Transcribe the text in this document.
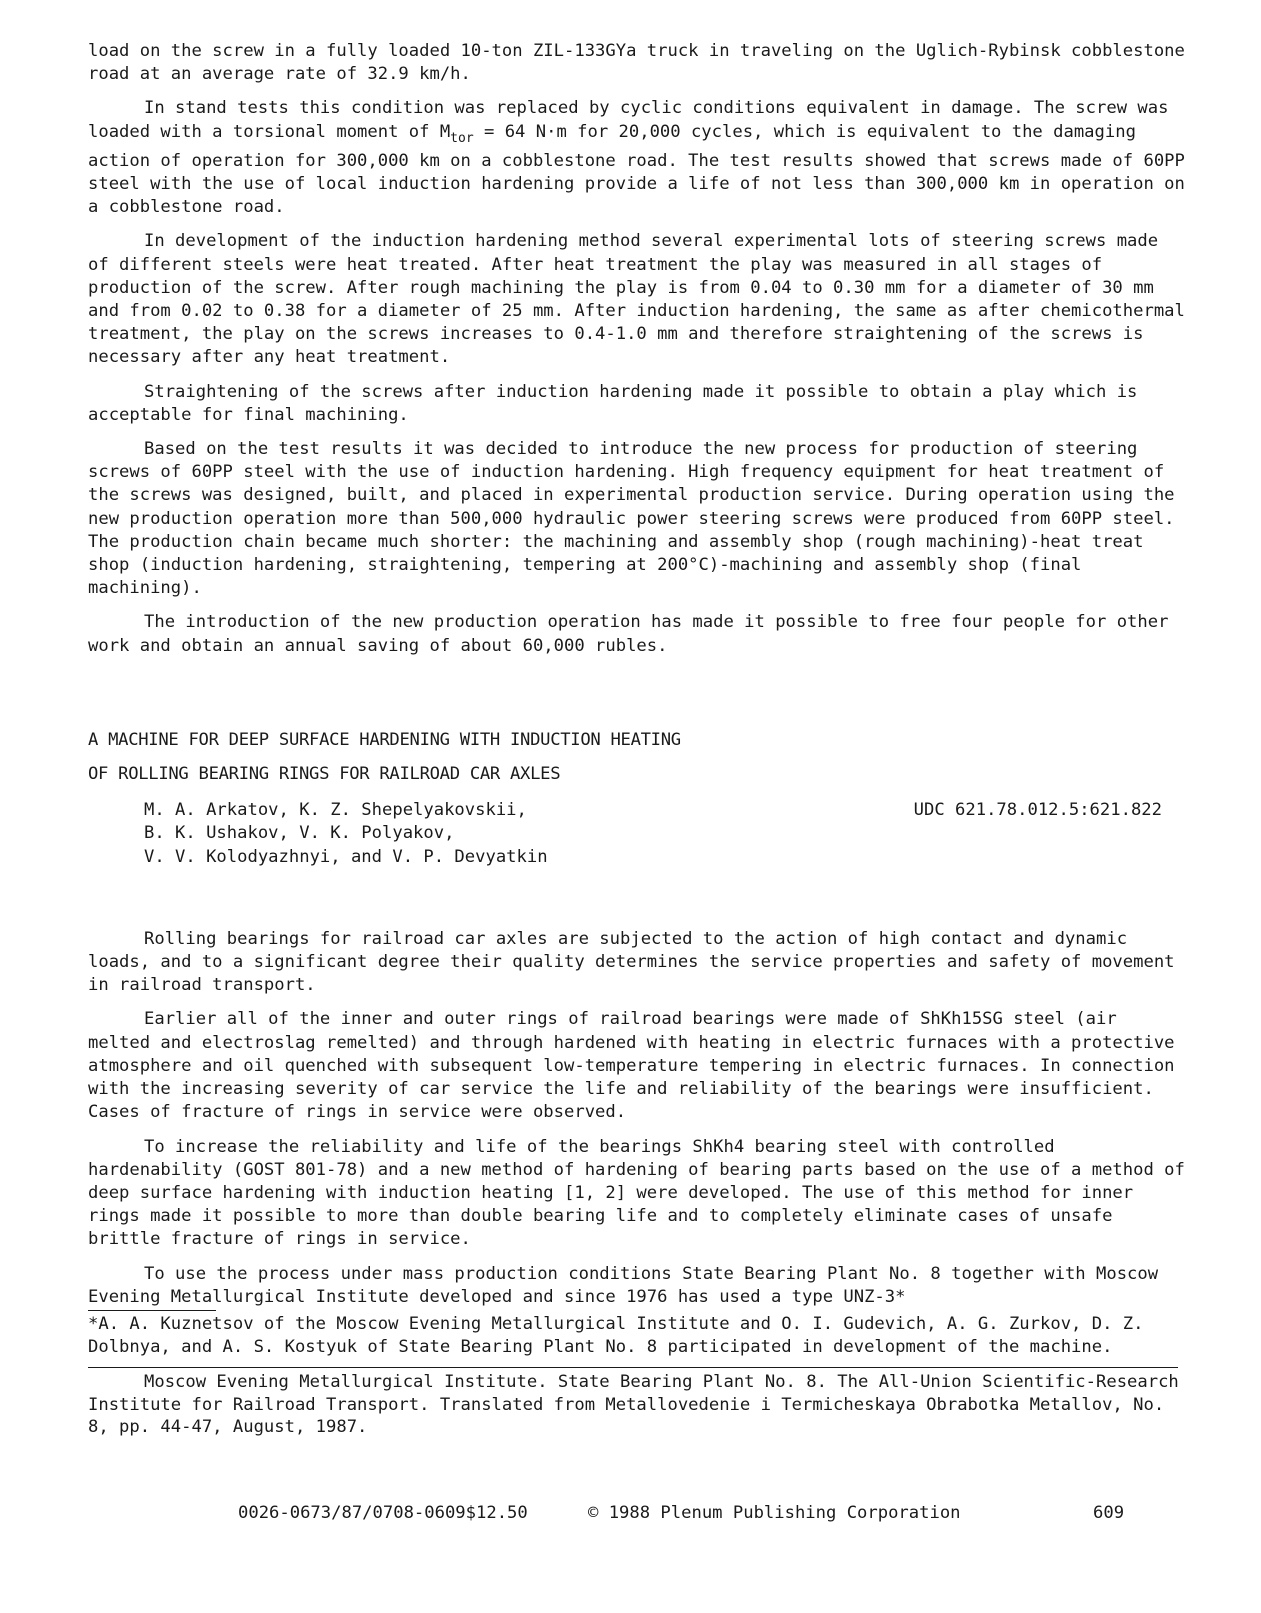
load on the screw in a fully loaded 10-ton ZIL-133GYa truck in traveling on the Uglich-Rybinsk cobblestone road at an average rate of 32.9 km/h.

In stand tests this condition was replaced by cyclic conditions equivalent in damage. The screw was loaded with a torsional moment of $M_{tor} = 64$ N·m for 20,000 cycles, which is equivalent to the damaging action of operation for 300,000 km on a cobblestone road. The test results showed that screws made of 60PP steel with the use of local induction hardening provide a life of not less than 300,000 km in operation on a cobblestone road.

In development of the induction hardening method several experimental lots of steering screws made of different steels were heat treated. After heat treatment the play was measured in all stages of production of the screw. After rough machining the play is from 0.04 to 0.30 mm for a diameter of 30 mm and from 0.02 to 0.38 for a diameter of 25 mm. After induction hardening, the same as after chemicothermal treatment, the play on the screws increases to 0.4-1.0 mm and therefore straightening of the screws is necessary after any heat treatment.

Straightening of the screws after induction hardening made it possible to obtain a play which is acceptable for final machining.

Based on the test results it was decided to introduce the new process for production of steering screws of 60PP steel with the use of induction hardening. High frequency equipment for heat treatment of the screws was designed, built, and placed in experimental production service. During operation using the new production operation more than 500,000 hydraulic power steering screws were produced from 60PP steel. The production chain became much shorter: the machining and assembly shop (rough machining)-heat treat shop (induction hardening, straightening, tempering at 200°C)-machining and assembly shop (final machining).

The introduction of the new production operation has made it possible to free four people for other work and obtain an annual saving of about 60,000 rubles.

A MACHINE FOR DEEP SURFACE HARDENING WITH INDUCTION HEATING

OF ROLLING BEARING RINGS FOR RAILROAD CAR AXLES

M. A. Arkatov, K. Z. Shepelyakovskii,

B. K. Ushakov, V. K. Polyakov,

V. V. Kolodyazhnyi, and V. P. Devyatkin

UDC 621.78.012.5:621.822

Rolling bearings for railroad car axles are subjected to the action of high contact and dynamic loads, and to a significant degree their quality determines the service properties and safety of movement in railroad transport.

Earlier all of the inner and outer rings of railroad bearings were made of ShKh15SG steel (air melted and electroslag remelted) and through hardened with heating in electric furnaces with a protective atmosphere and oil quenched with subsequent low-temperature tempering in electric furnaces. In connection with the increasing severity of car service the life and reliability of the bearings were insufficient. Cases of fracture of rings in service were observed.

To increase the reliability and life of the bearings ShKh4 bearing steel with controlled hardenability (GOST 801-78) and a new method of hardening of bearing parts based on the use of a method of deep surface hardening with induction heating [1, 2] were developed. The use of this method for inner rings made it possible to more than double bearing life and to completely eliminate cases of unsafe brittle fracture of rings in service.

To use the process under mass production conditions State Bearing Plant No. 8 together with Moscow Evening Metallurgical Institute developed and since 1976 has used a type UNZ-3*

*A. A. Kuznetsov of the Moscow Evening Metallurgical Institute and O. I. Gudevich, A. G. Zurkov, D. Z. Dolbnya, and A. S. Kostyuk of State Bearing Plant No. 8 participated in development of the machine.

Moscow Evening Metallurgical Institute. State Bearing Plant No. 8. The All-Union Scientific-Research Institute for Railroad Transport. Translated from Metallovedenie i Termicheskaya Obrabotka Metallov, No. 8, pp. 44-47, August, 1987.

0026-0673/87/0708-0609$12.50	© 1988 Plenum Publishing Corporation	609
